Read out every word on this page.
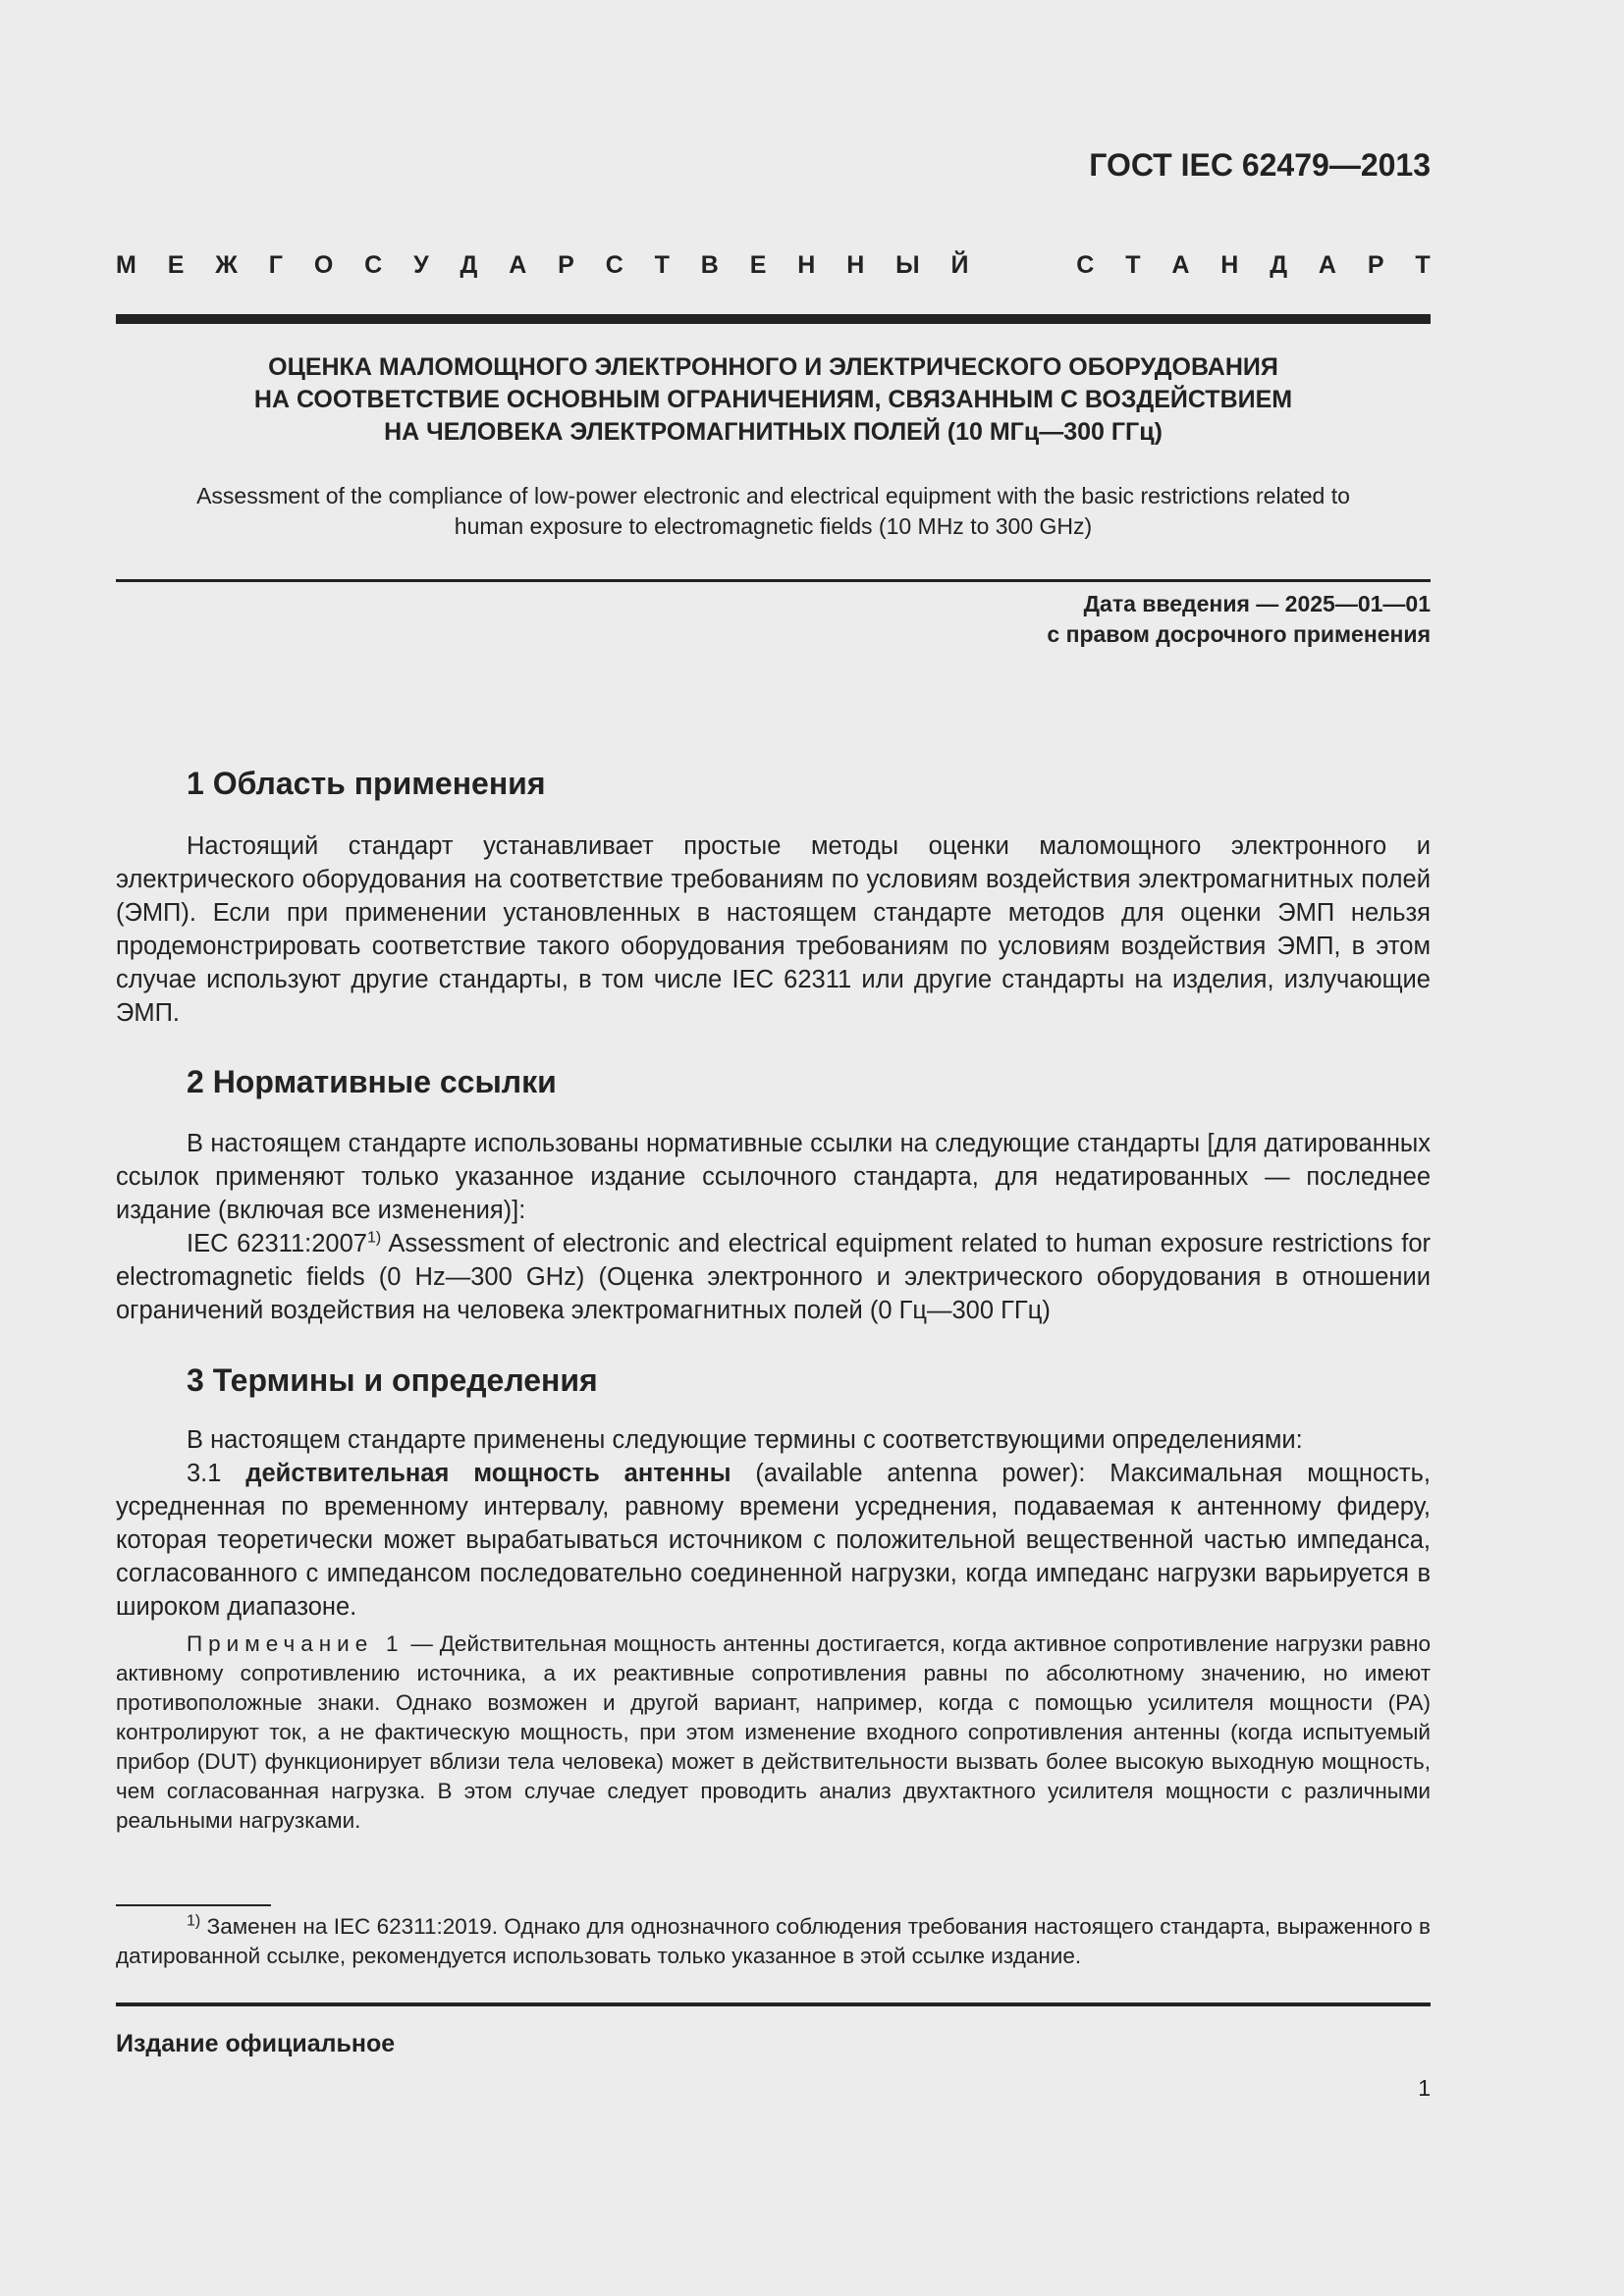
ГОСТ IEC 62479—2013
М Е Ж Г О С У Д А Р С Т В Е Н Н Ы Й	С Т А Н Д А Р Т
ОЦЕНКА МАЛОМОЩНОГО ЭЛЕКТРОННОГО И ЭЛЕКТРИЧЕСКОГО ОБОРУДОВАНИЯ
НА СООТВЕТСТВИЕ ОСНОВНЫМ ОГРАНИЧЕНИЯМ, СВЯЗАННЫМ С ВОЗДЕЙСТВИЕМ
НА ЧЕЛОВЕКА ЭЛЕКТРОМАГНИТНЫХ ПОЛЕЙ (10 МГц—300 ГГц)
Assessment of the compliance of low-power electronic and electrical equipment with the basic restrictions related to
human exposure to electromagnetic fields (10 MHz to 300 GHz)
Дата введения — 2025—01—01
с правом досрочного применения
1 Область применения

Настоящий стандарт устанавливает простые методы оценки маломощного электронного и электрического оборудования на соответствие требованиям по условиям воздействия электромагнитных полей (ЭМП). Если при применении установленных в настоящем стандарте методов для оценки ЭМП нельзя продемонстрировать соответствие такого оборудования требованиям по условиям воздействия ЭМП, в этом случае используют другие стандарты, в том числе IEC 62311 или другие стандарты на изделия, излучающие ЭМП.

2 Нормативные ссылки

В настоящем стандарте использованы нормативные ссылки на следующие стандарты [для датированных ссылок применяют только указанное издание ссылочного стандарта, для недатированных — последнее издание (включая все изменения)]:

IEC 62311:2007$^{1)}$ Assessment of electronic and electrical equipment related to human exposure restrictions for electromagnetic fields (0 Hz—300 GHz) (Оценка электронного и электрического оборудования в отношении ограничений воздействия на человека электромагнитных полей (0 Гц—300 ГГц)

3 Термины и определения

В настоящем стандарте применены следующие термины с соответствующими определениями:

3.1 действительная мощность антенны (available antenna power): Максимальная мощность, усредненная по временному интервалу, равному времени усреднения, подаваемая к антенному фидеру, которая теоретически может вырабатываться источником с положительной вещественной частью импеданса, согласованного с импедансом последовательно соединенной нагрузки, когда импеданс нагрузки варьируется в широком диапазоне.

Примечание 1 — Действительная мощность антенны достигается, когда активное сопротивление нагрузки равно активному сопротивлению источника, а их реактивные сопротивления равны по абсолютному значению, но имеют противоположные знаки. Однако возможен и другой вариант, например, когда с помощью усилителя мощности (PA) контролируют ток, а не фактическую мощность, при этом изменение входного сопротивления антенны (когда испытуемый прибор (DUT) функционирует вблизи тела человека) может в действительности вызвать более высокую выходную мощность, чем согласованная нагрузка. В этом случае следует проводить анализ двухтактного усилителя мощности с различными реальными нагрузками.

$^{1)}$ Заменен на IEC 62311:2019. Однако для однозначного соблюдения требования настоящего стандарта, выраженного в датированной ссылке, рекомендуется использовать только указанное в этой ссылке издание.

Издание официальное
1
